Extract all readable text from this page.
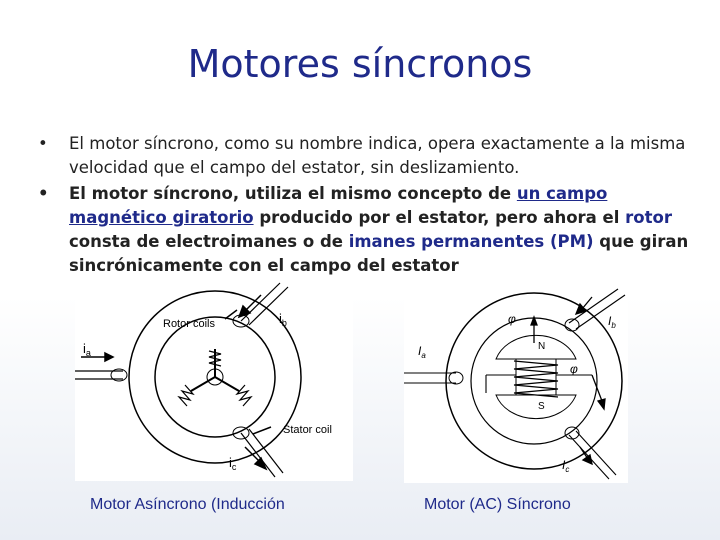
Motores síncronos
• El motor síncrono, como su nombre indica, opera exactamente a la misma velocidad que el campo del estator, sin deslizamiento.
• El motor síncrono, utiliza el mismo concepto de un campo magnético giratorio producido por el estator, pero ahora el rotor consta de electroimanes o de imanes permanentes (PM) que giran sincrónicamente con el campo del estator
Rotor coils
Stator coil
$i_a$
$i_b$
$i_c$
φ
φ
N
S
$I_a$
$I_b$
$I_c$
Motor Asíncrono (Inducción	Motor (AC) Síncrono
